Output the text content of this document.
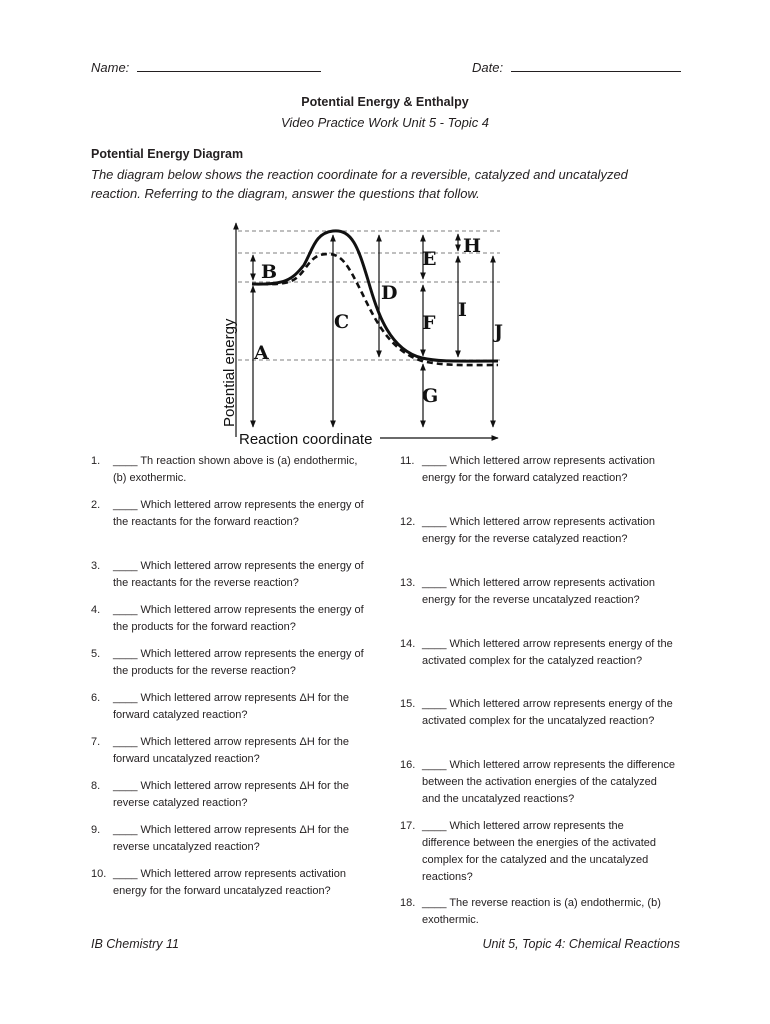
Name:	Date:
Potential Energy & Enthalpy
Video Practice Work Unit 5 - Topic 4
Potential Energy Diagram
The diagram below shows the reaction coordinate for a reversible, catalyzed and uncatalyzed reaction. Referring to the diagram, answer the questions that follow.
A
B
C
D
E
F
G
H
I
J
Potential energy
Reaction coordinate
1.	____ Th reaction shown above is (a) endothermic, (b) exothermic.
2.	____ Which lettered arrow represents the energy of the reactants for the forward reaction?
3.	____ Which lettered arrow represents the energy of the reactants for the reverse reaction?
4.	____ Which lettered arrow represents the energy of the products for the forward reaction?
5.	____ Which lettered arrow represents the energy of the products for the reverse reaction?
6.	____ Which lettered arrow represents ΔH for the forward catalyzed reaction?
7.	____ Which lettered arrow represents ΔH for the forward uncatalyzed reaction?
8.	____ Which lettered arrow represents ΔH for the reverse catalyzed reaction?
9.	____ Which lettered arrow represents ΔH for the reverse uncatalyzed reaction?
10. ____ Which lettered arrow represents activation energy for the forward uncatalyzed reaction?
11. ____ Which lettered arrow represents activation energy for the forward catalyzed reaction?
12. ____ Which lettered arrow represents activation energy for the reverse catalyzed reaction?
13. ____ Which lettered arrow represents activation energy for the reverse uncatalyzed reaction?
14. ____ Which lettered arrow represents energy of the activated complex for the catalyzed reaction?
15. ____ Which lettered arrow represents energy of the activated complex for the uncatalyzed reaction?
16. ____ Which lettered arrow represents the difference between the activation energies of the catalyzed and the uncatalyzed reactions?
17. ____ Which lettered arrow represents the difference between the energies of the activated complex for the catalyzed and the uncatalyzed reactions?
18. ____ The reverse reaction is (a) endothermic, (b) exothermic.
IB Chemistry 11	Unit 5, Topic 4: Chemical Reactions
